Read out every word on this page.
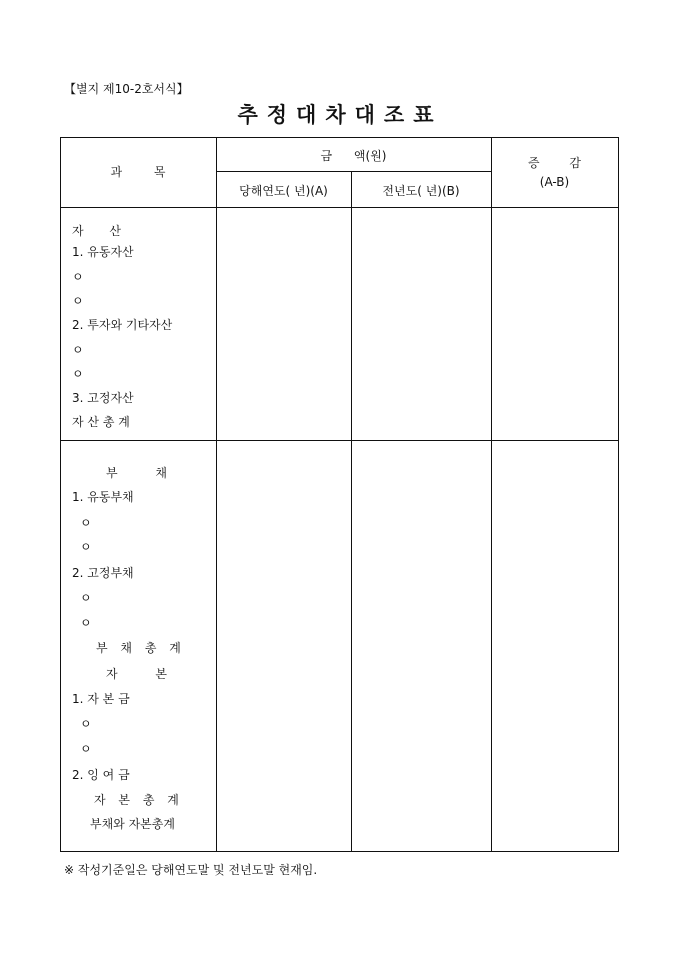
【별지 제10-2호서식】
추정대차대조표
과 목
금 액(원)
당해연도( 년)(A)	전년도( 년)(B)
증 감
(A-B)
자 산
1. 유동자산
ㅇ
ㅇ
2. 투자와 기타자산
ㅇ
ㅇ
3. 고정자산
자 산 총 계
부 채
1. 유동부채
ㅇ
ㅇ
2. 고정부채
ㅇ
ㅇ
부 채 총 계
자 본
1. 자 본 금
ㅇ
ㅇ
2. 잉 여 금
자 본 총 계
부채와 자본총계
※ 작성기준일은 당해연도말 및 전년도말 현재임.
